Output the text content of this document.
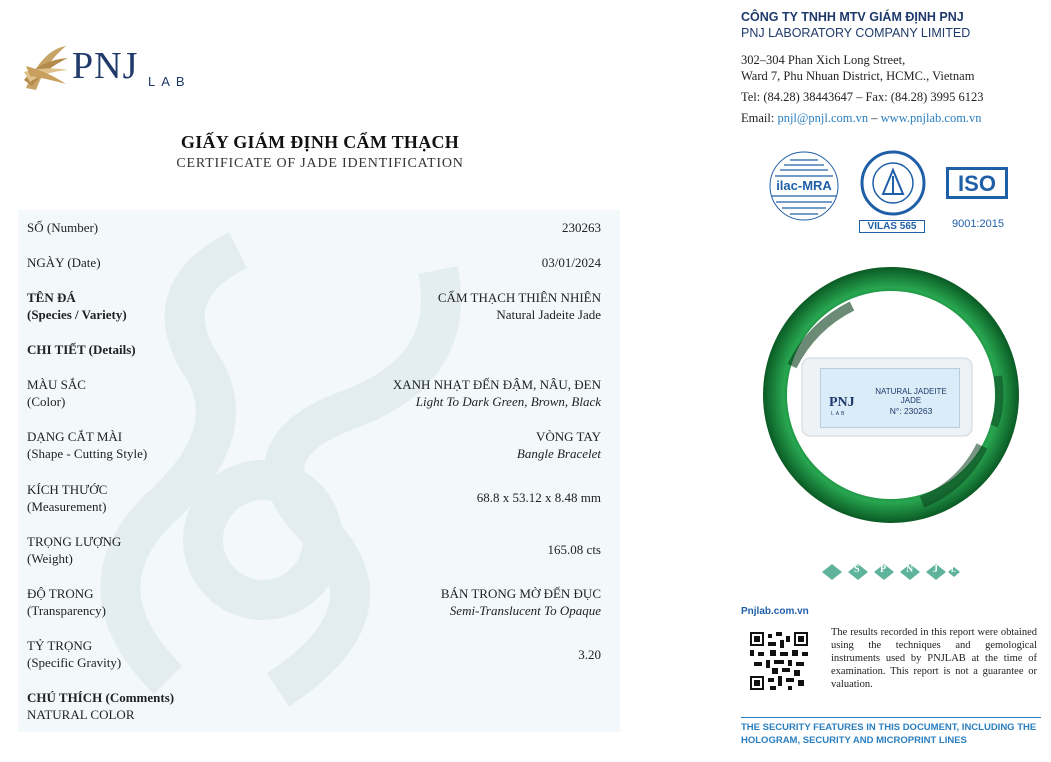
PNJ LAB
GIẤY GIÁM ĐỊNH CẨM THẠCH
CERTIFICATE OF JADE IDENTIFICATION
SỐ (Number)	230263
NGÀY (Date)	03/01/2024
TÊN ĐÁ
(Species / Variety)
CẨM THẠCH THIÊN NHIÊN
Natural Jadeite Jade
CHI TIẾT (Details)
MÀU SẮC
(Color)
XANH NHẠT ĐẾN ĐẬM, NÂU, ĐEN
Light To Dark Green, Brown, Black
DẠNG CẮT MÀI
(Shape - Cutting Style)
VÒNG TAY
Bangle Bracelet
KÍCH THƯỚC
(Measurement)
68.8 x 53.12 x 8.48 mm
TRỌNG LƯỢNG
(Weight)
165.08 cts
ĐỘ TRONG
(Transparency)
BÁN TRONG MỜ ĐẾN ĐỤC
Semi-Translucent To Opaque
TỶ TRỌNG
(Specific Gravity)
3.20
CHÚ THÍCH (Comments)
NATURAL COLOR
CÔNG TY TNHH MTV GIÁM ĐỊNH PNJ
PNJ LABORATORY COMPANY LIMITED
302–304 Phan Xich Long Street,
Ward 7, Phu Nhuan District, HCMC., Vietnam
Tel: (84.28) 38443647 – Fax: (84.28) 3995 6123
Email: pnjl@pnjl.com.vn – www.pnjlab.com.vn
ilac-MRA
VILAS 565
ISO
9001:2015
PNJ
LAB
NATURAL JADEITE
JADE
N°: 230263
S P N J L
Pnjlab.com.vn
The results recorded in this report were obtained using the techniques and gemological instruments used by PNJLAB at the time of examination. This report is not a guarantee or valuation.
THE SECURITY FEATURES IN THIS DOCUMENT, INCLUDING THE HOLOGRAM, SECURITY AND MICROPRINT LINES
